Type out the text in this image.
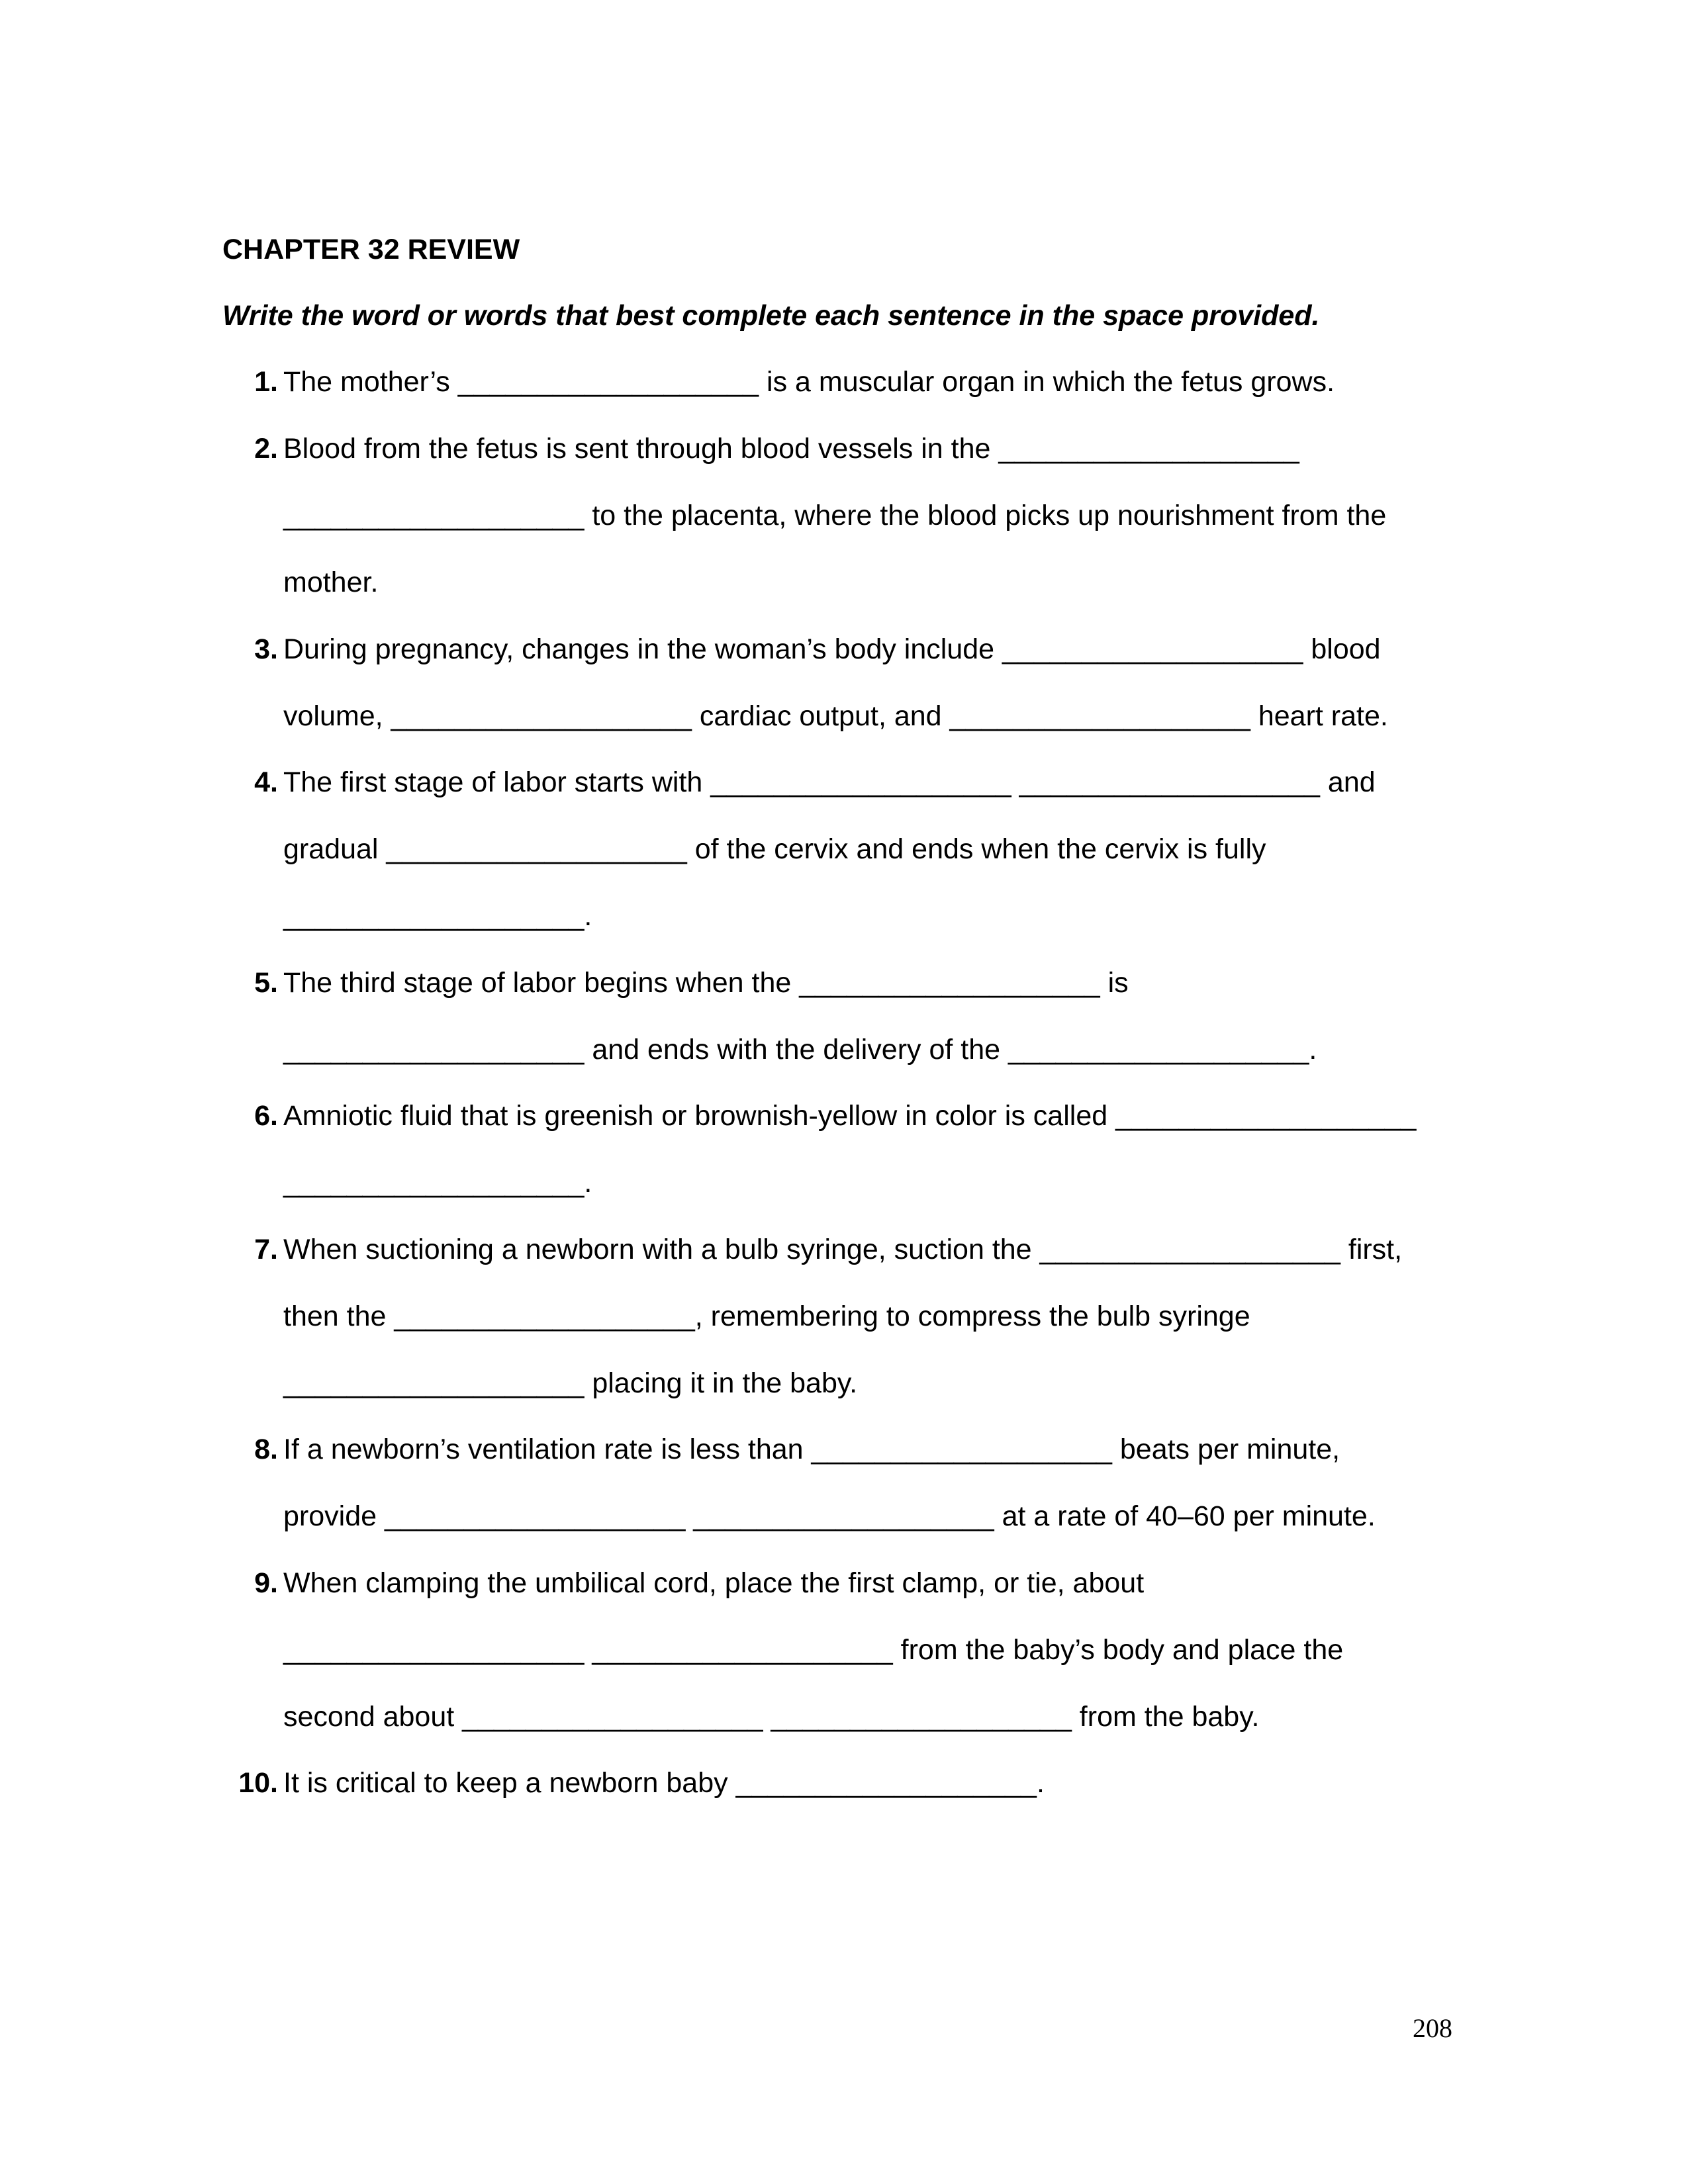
CHAPTER 32 REVIEW
Write the word or words that best complete each sentence in the space provided.
1. The mother’s ___________________ is a muscular organ in which the fetus grows.
2. Blood from the fetus is sent through blood vessels in the ___________________
___________________ to the placenta, where the blood picks up nourishment from the
mother.
3. During pregnancy, changes in the woman’s body include ___________________ blood
volume, ___________________ cardiac output, and ___________________ heart rate.
4. The first stage of labor starts with ___________________ ___________________ and
gradual ___________________ of the cervix and ends when the cervix is fully
___________________.
5. The third stage of labor begins when the ___________________ is
___________________ and ends with the delivery of the ___________________.
6. Amniotic fluid that is greenish or brownish-yellow in color is called ___________________
___________________.
7. When suctioning a newborn with a bulb syringe, suction the ___________________ first,
then the ___________________, remembering to compress the bulb syringe
___________________ placing it in the baby.
8. If a newborn’s ventilation rate is less than ___________________ beats per minute,
provide ___________________ ___________________ at a rate of 40–60 per minute.
9. When clamping the umbilical cord, place the first clamp, or tie, about
___________________ ___________________ from the baby’s body and place the
second about ___________________ ___________________ from the baby.
10. It is critical to keep a newborn baby ___________________.
208
